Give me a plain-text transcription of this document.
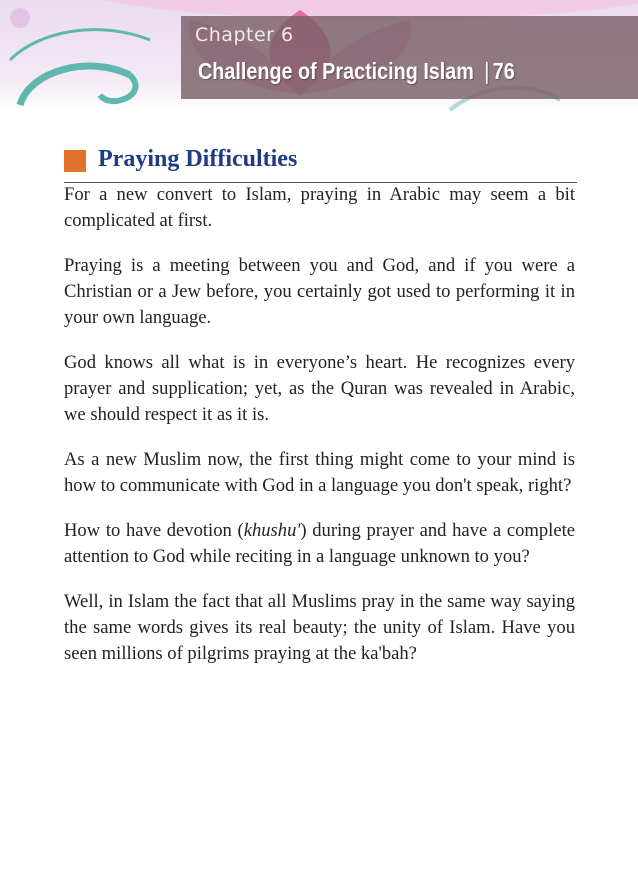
Chapter 6
Challenge of Practicing Islam | 76
Praying Difficulties

For a new convert to Islam, praying in Arabic may seem a bit complicated at first.

Praying is a meeting between you and God, and if you were a Christian or a Jew before, you certainly got used to performing it in your own language.

God knows all what is in everyone’s heart. He recognizes every prayer and supplication; yet, as the Quran was revealed in Arabic, we should respect it as it is.

As a new Muslim now, the first thing might come to your mind is how to communicate with God in a language you don't speak, right?

How to have devotion (khushu') during prayer and have a complete attention to God while reciting in a language unknown to you?

Well, in Islam the fact that all Muslims pray in the same way saying the same words gives its real beauty; the unity of Islam. Have you seen millions of pilgrims praying at the ka'bah?
